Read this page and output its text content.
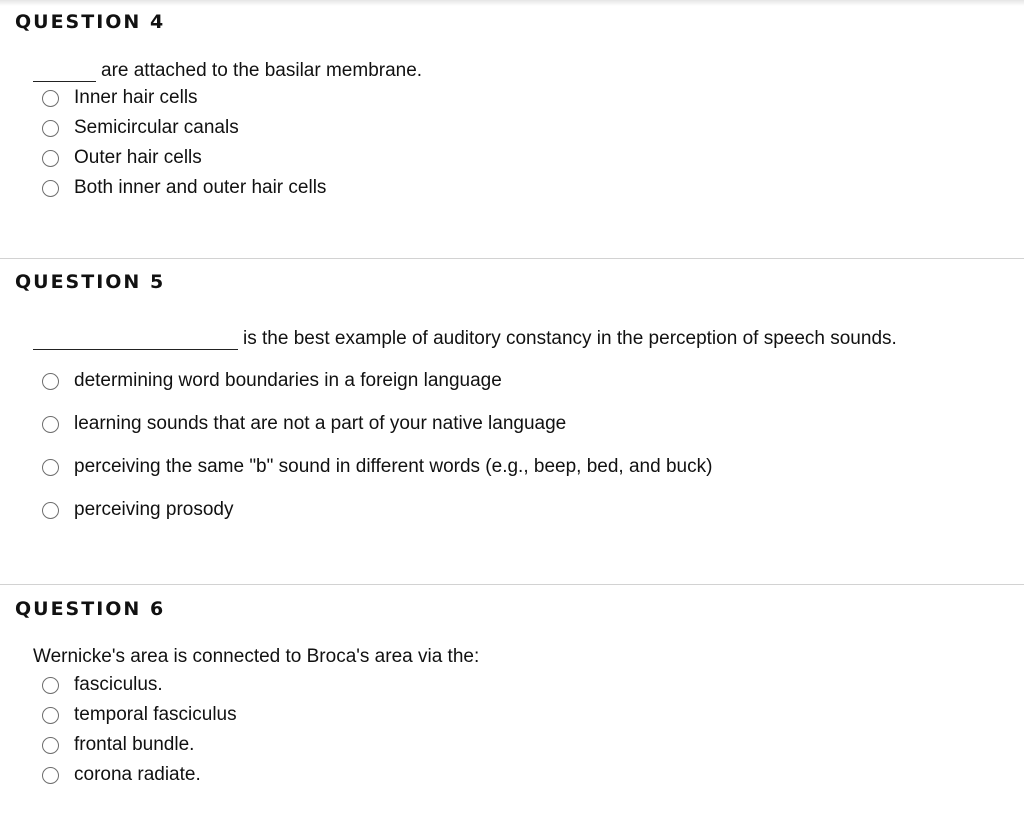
QUESTION 4
are attached to the basilar membrane.
Inner hair cells
Semicircular canals
Outer hair cells
Both inner and outer hair cells
QUESTION 5
is the best example of auditory constancy in the perception of speech sounds.
determining word boundaries in a foreign language
learning sounds that are not a part of your native language
perceiving the same "b" sound in different words (e.g., beep, bed, and buck)
perceiving prosody
QUESTION 6
Wernicke's area is connected to Broca's area via the:
fasciculus.
temporal fasciculus
frontal bundle.
corona radiate.
